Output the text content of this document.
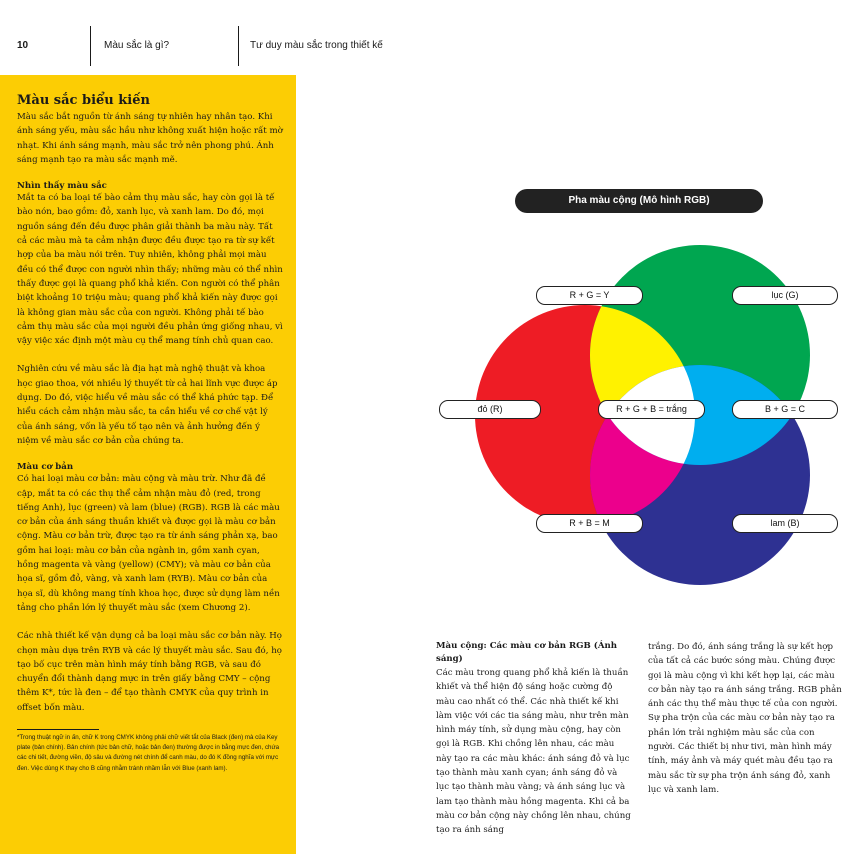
10	Màu sắc là gì?	Tư duy màu sắc trong thiết kế
Màu sắc biểu kiến

Màu sắc bắt nguồn từ ánh sáng tự nhiên hay nhân tạo. Khi ánh sáng yếu, màu sắc hầu như không xuất hiện hoặc rất mờ nhạt. Khi ánh sáng mạnh, màu sắc trở nên phong phú. Ánh sáng mạnh tạo ra màu sắc mạnh mẽ.

Nhìn thấy màu sắc

Mắt ta có ba loại tế bào cảm thụ màu sắc, hay còn gọi là tế bào nón, bao gồm: đỏ, xanh lục, và xanh lam. Do đó, mọi nguồn sáng đến đều được phân giải thành ba màu này. Tất cả các màu mà ta cảm nhận được đều được tạo ra từ sự kết hợp của ba màu nói trên. Tuy nhiên, không phải mọi màu đều có thể được con người nhìn thấy; những màu có thể nhìn thấy được gọi là quang phổ khả kiến. Con người có thể phân biệt khoảng 10 triệu màu; quang phổ khả kiến này được gọi là không gian màu sắc của con người. Không phải tế bào cảm thụ màu sắc của mọi người đều phản ứng giống nhau, vì vậy việc xác định một màu cụ thể mang tính chủ quan cao.

Nghiên cứu về màu sắc là địa hạt mà nghệ thuật và khoa học giao thoa, với nhiều lý thuyết từ cả hai lĩnh vực được áp dụng. Do đó, việc hiểu về màu sắc có thể khá phức tạp. Để hiểu cách cảm nhận màu sắc, ta cần hiểu về cơ chế vật lý của ánh sáng, vốn là yếu tố tạo nên và ảnh hưởng đến ý niệm về màu sắc cơ bản của chúng ta.

Màu cơ bản

Có hai loại màu cơ bản: màu cộng và màu trừ. Như đã đề cập, mắt ta có các thụ thể cảm nhận màu đỏ (red, trong tiếng Anh), lục (green) và lam (blue) (RGB). RGB là các màu cơ bản của ánh sáng thuần khiết và được gọi là màu cơ bản cộng. Màu cơ bản trừ, được tạo ra từ ánh sáng phản xạ, bao gồm hai loại: màu cơ bản của ngành in, gồm xanh cyan, hồng magenta và vàng (yellow) (CMY); và màu cơ bản của họa sĩ, gồm đỏ, vàng, và xanh lam (RYB). Màu cơ bản của họa sĩ, dù không mang tính khoa học, được sử dụng làm nền tảng cho phần lớn lý thuyết màu sắc (xem Chương 2).

Các nhà thiết kế vận dụng cả ba loại màu sắc cơ bản này. Họ chọn màu dựa trên RYB và các lý thuyết màu sắc. Sau đó, họ tạo bố cục trên màn hình máy tính bằng RGB, và sau đó chuyển đổi thành dạng mực in trên giấy bằng CMY – cộng thêm K*, tức là đen – để tạo thành CMYK của quy trình in offset bốn màu.

*Trong thuật ngữ in ấn, chữ K trong CMYK không phải chữ viết tắt của Black (đen) mà của Key plate (bản chính). Bản chính (tức bản chữ, hoặc bản đen) thường được in bằng mực đen, chứa các chi tiết, đường viền, độ sâu và đường nét chính để canh màu, do đó K đồng nghĩa với mực đen. Việc dùng K thay cho B cũng nhằm tránh nhầm lẫn với Blue (xanh lam).

Pha màu cộng (Mô hình RGB)
R + G = Y	lục (G)
đỏ (R)	R + G + B = trắng	B + G = C
R + B = M	lam (B)
Màu cộng: Các màu cơ bản RGB (Ánh sáng)

Các màu trong quang phổ khả kiến là thuần khiết và thể hiện độ sáng hoặc cường độ màu cao nhất có thể. Các nhà thiết kế khi làm việc với các tia sáng màu, như trên màn hình máy tính, sử dụng màu cộng, hay còn gọi là RGB. Khi chồng lên nhau, các màu này tạo ra các màu khác: ánh sáng đỏ và lục tạo thành màu xanh cyan; ánh sáng đỏ và lục tạo thành màu vàng; và ánh sáng lục và lam tạo thành màu hồng magenta. Khi cả ba màu cơ bản cộng này chồng lên nhau, chúng tạo ra ánh sáng

trắng. Do đó, ánh sáng trắng là sự kết hợp của tất cả các bước sóng màu. Chúng được gọi là màu cộng vì khi kết hợp lại, các màu cơ bản này tạo ra ánh sáng trắng. RGB phản ánh các thụ thể màu thực tế của con người. Sự pha trộn của các màu cơ bản này tạo ra phần lớn trải nghiệm màu sắc của con người. Các thiết bị như tivi, màn hình máy tính, máy ảnh và máy quét màu đều tạo ra màu sắc từ sự pha trộn ánh sáng đỏ, xanh lục và xanh lam.
